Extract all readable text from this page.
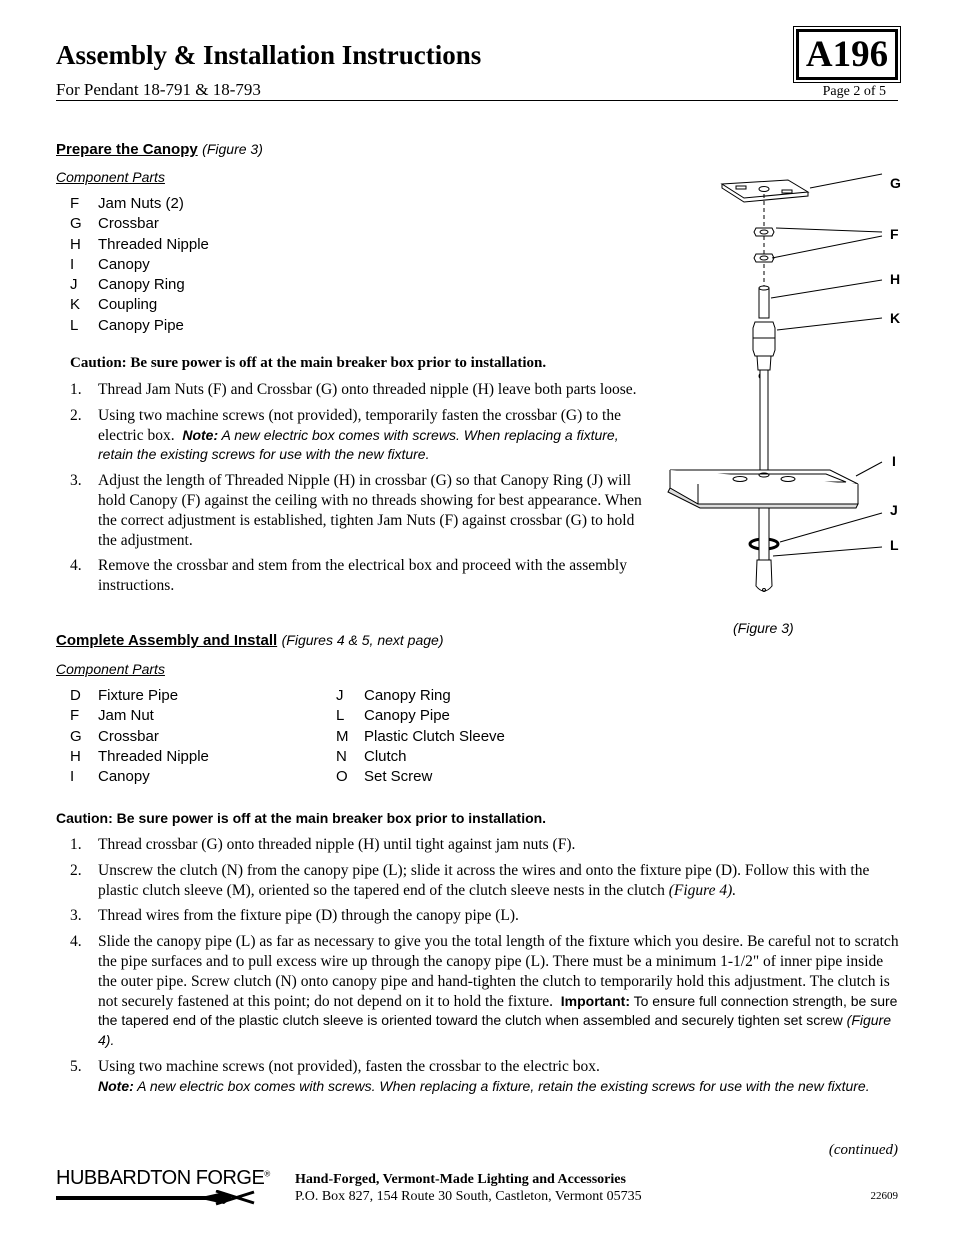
Assembly & Installation Instructions
For Pendant 18-791 & 18-793	Page 2 of 5
A196
Prepare the Canopy (Figure 3)
Component Parts
F	Jam Nuts (2)
G	Crossbar
H	Threaded Nipple
I	Canopy
J	Canopy Ring
K	Coupling
L	Canopy Pipe
Caution: Be sure power is off at the main breaker box prior to installation.
1.	Thread Jam Nuts (F) and Crossbar (G) onto threaded nipple (H) leave both parts loose.
2.	Using two machine screws (not provided), temporarily fasten the crossbar (G) to the electric box. Note: A new electric box comes with screws. When replacing a fixture, retain the existing screws for use with the new fixture.
3.	Adjust the length of Threaded Nipple (H) in crossbar (G) so that Canopy Ring (J) will hold Canopy (F) against the ceiling with no threads showing for best appearance. When the correct adjustment is established, tighten Jam Nuts (F) against crossbar (G) to hold the adjustment.
4.	Remove the crossbar and stem from the electrical box and proceed with the assembly instructions.
G
F
H
K
I
J
L
(Figure 3)
Complete Assembly and Install (Figures 4 & 5, next page)
Component Parts
D	Fixture Pipe
F	Jam Nut
G	Crossbar
H	Threaded Nipple
I	Canopy
J	Canopy Ring
L	Canopy Pipe
M	Plastic Clutch Sleeve
N	Clutch
O	Set Screw
Caution: Be sure power is off at the main breaker box prior to installation.
1.	Thread crossbar (G) onto threaded nipple (H) until tight against jam nuts (F).
2.	Unscrew the clutch (N) from the canopy pipe (L); slide it across the wires and onto the fixture pipe (D). Follow this with the plastic clutch sleeve (M), oriented so the tapered end of the clutch sleeve nests in the clutch (Figure 4).
3.	Thread wires from the fixture pipe (D) through the canopy pipe (L).
4.	Slide the canopy pipe (L) as far as necessary to give you the total length of the fixture which you desire. Be careful not to scratch the pipe surfaces and to pull excess wire up through the canopy pipe (L). There must be a minimum 1-1/2" of inner pipe inside the outer pipe. Screw clutch (N) onto canopy pipe and hand-tighten the clutch to temporarily hold this adjustment. The clutch is not securely fastened at this point; do not depend on it to hold the fixture. Important: To ensure full connection strength, be sure the tapered end of the plastic clutch sleeve is oriented toward the clutch when assembled and securely tighten set screw (Figure 4).
5.	Using two machine screws (not provided), fasten the crossbar to the electric box.
Note: A new electric box comes with screws. When replacing a fixture, retain the existing screws for use with the new fixture.
(continued)
HUBBARDTON FORGE® Hand-Forged, Vermont-Made Lighting and Accessories
P.O. Box 827, 154 Route 30 South, Castleton, Vermont 05735	22609
